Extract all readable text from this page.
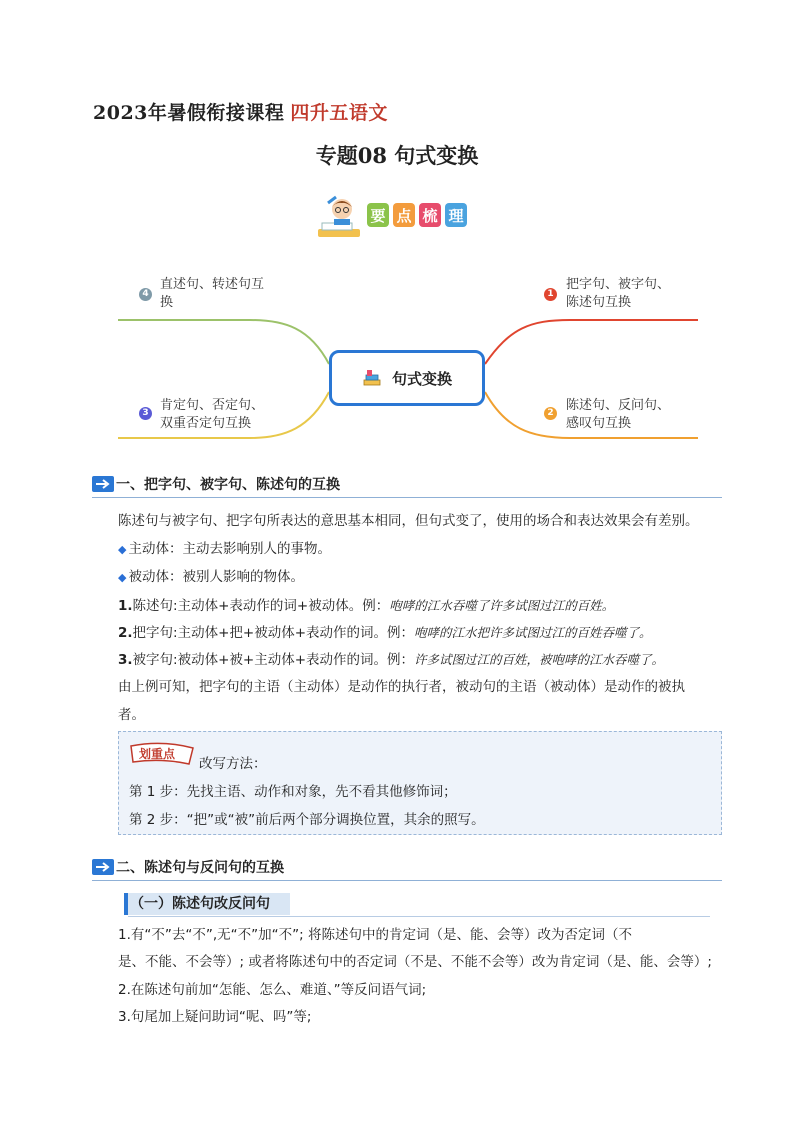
2023年暑假衔接课程 四升五语文
专题08 句式变换
要 点 梳 理
4
直述句、转述句互
换
1
把字句、被字句、
陈述句互换
3 肯定句、否定句、
双重否定句互换
2 陈述句、反问句、
感叹句互换
句式变换
一、把字句、被字句、陈述句的互换
陈述句与被字句、把字句所表达的意思基本相同，但句式变了，使用的场合和表达效果会有差别。
◆ 主动体：主动去影响别人的事物。
◆ 被动体：被别人影响的物体。
1.陈述句:主动体+表动作的词+被动体。例：咆哮的江水吞噬了许多试图过江的百姓。
2.把字句:主动体+把+被动体+表动作的词。例：咆哮的江水把许多试图过江的百姓吞噬了。
3.被字句:被动体+被+主动体+表动作的词。例：许多试图过江的百姓，被咆哮的江水吞噬了。
由上例可知，把字句的主语（主动体）是动作的执行者，被动句的主语（被动体）是动作的被执
者。
划重点
改写方法：
第 1 步：先找主语、动作和对象，先不看其他修饰词；
第 2 步：“把”或“被”前后两个部分调换位置，其余的照写。
二、陈述句与反问句的互换
（一）陈述句改反问句
1.有“不”去“不”,无“不”加“不”; 将陈述句中的肯定词（是、能、会等）改为否定词（不
是、不能、不会等）; 或者将陈述句中的否定词（不是、不能不会等）改为肯定词（是、能、会等）;
2.在陈述句前加“怎能、怎么、难道、”等反问语气词;
3.句尾加上疑问助词“呢、吗”等;
